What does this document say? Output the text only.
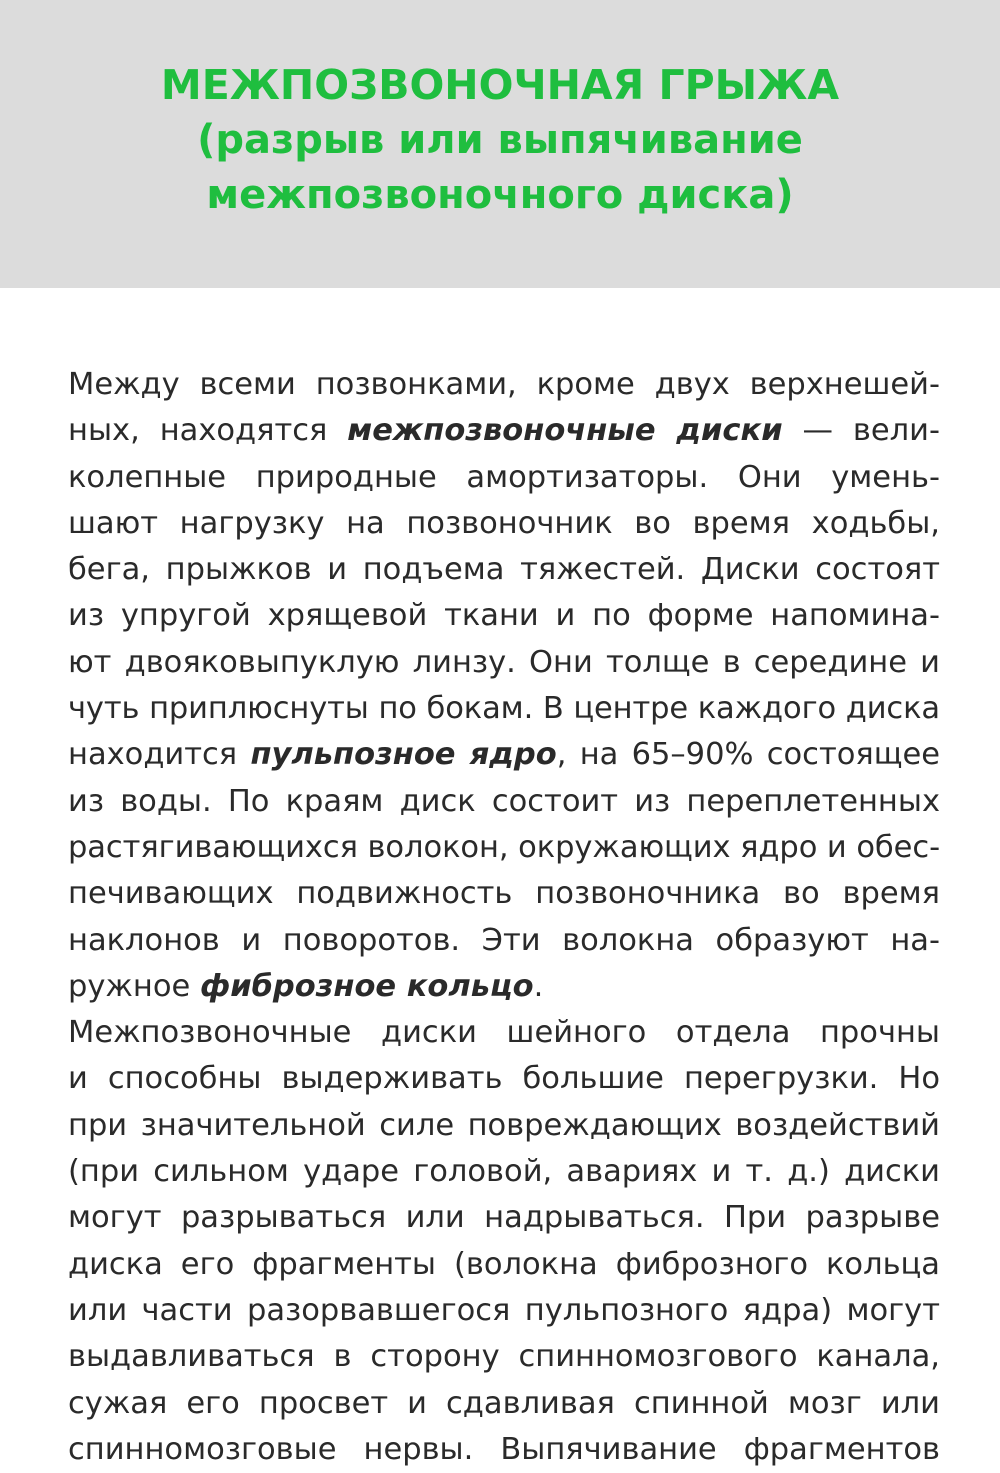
МЕЖПОЗВОНОЧНАЯ ГРЫЖА
(разрыв или выпячивание
межпозвоночного диска)
Между всеми позвонками, кроме двух верхнешей-
ных, находятся межпозвоночные диски — вели-
колепные природные амортизаторы. Они умень-
шают нагрузку на позвоночник во время ходьбы,
бега, прыжков и подъема тяжестей. Диски состоят
из упругой хрящевой ткани и по форме напомина-
ют двояковыпуклую линзу. Они толще в середине и
чуть приплюснуты по бокам. В центре каждого диска
находится пульпозное ядро, на 65–90% состоящее
из воды. По краям диск состоит из переплетенных
растягивающихся волокон, окружающих ядро и обес-
печивающих подвижность позвоночника во время
наклонов и поворотов. Эти волокна образуют на-
ружное фиброзное кольцо.
Межпозвоночные диски шейного отдела прочны
и способны выдерживать большие перегрузки. Но
при значительной силе повреждающих воздействий
(при сильном ударе головой, авариях и т. д.) диски
могут разрываться или надрываться. При разрыве
диска его фрагменты (волокна фиброзного кольца
или части разорвавшегося пульпозного ядра) могут
выдавливаться в сторону спинномозгового канала,
сужая его просвет и сдавливая спинной мозг или
спинномозговые нервы. Выпячивание фрагментов
